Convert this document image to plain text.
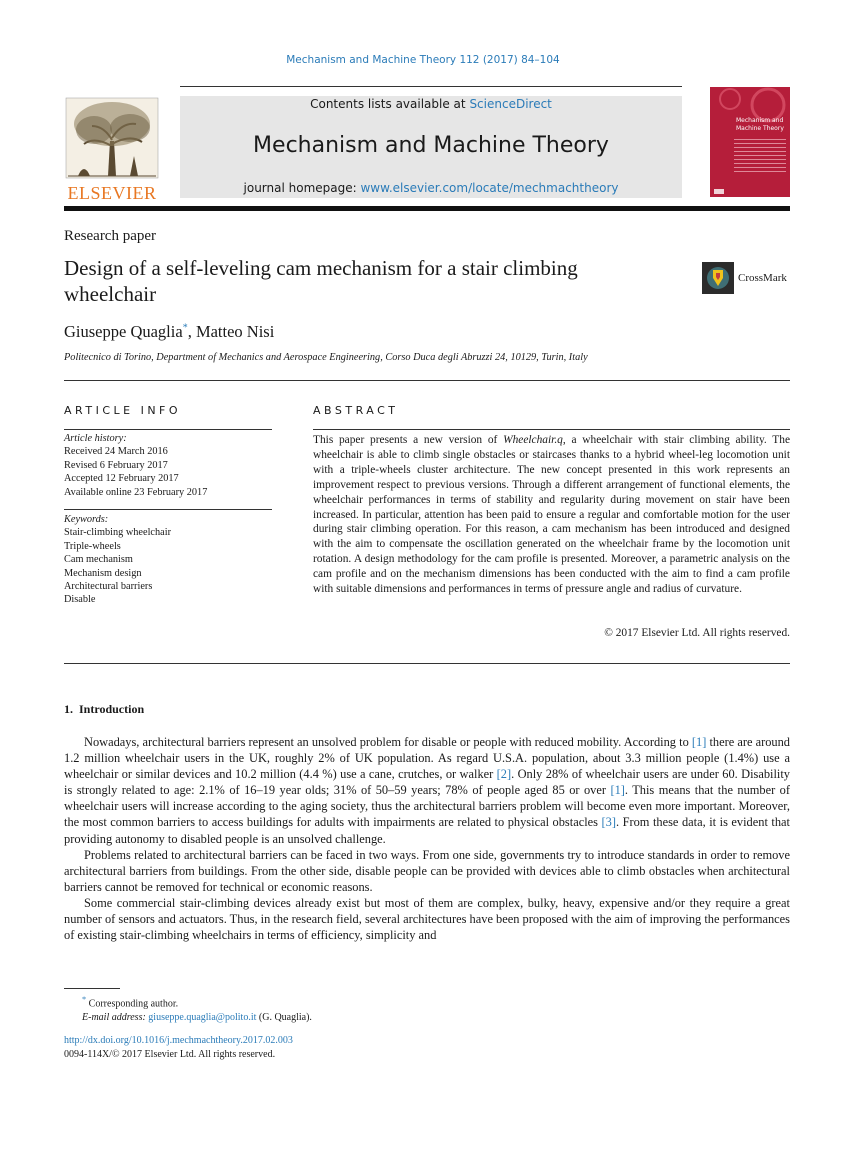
Mechanism and Machine Theory 112 (2017) 84–104
ELSEVIER
Contents lists available at ScienceDirect
Mechanism and Machine Theory
journal homepage: www.elsevier.com/locate/mechmachtheory
Mechanism and
Machine Theory
Research paper
Design of a self-leveling cam mechanism for a stair climbing
wheelchair
CrossMark
Giuseppe Quaglia*, Matteo Nisi
Politecnico di Torino, Department of Mechanics and Aerospace Engineering, Corso Duca degli Abruzzi 24, 10129, Turin, Italy
ARTICLE INFO	ABSTRACT
Article history:
Received 24 March 2016
Revised 6 February 2017
Accepted 12 February 2017
Available online 23 February 2017
Keywords:
Stair-climbing wheelchair
Triple-wheels
Cam mechanism
Mechanism design
Architectural barriers
Disable
This paper presents a new version of Wheelchair.q, a wheelchair with stair climbing ability. The wheelchair is able to climb single obstacles or staircases thanks to a hybrid wheel-leg locomotion unit with a triple-wheels cluster architecture. The new concept presented in this work represents an improvement respect to previous versions. Through a different arrangement of functional elements, the wheelchair performances in terms of stability and regularity during movement on stair have been increased. In particular, attention has been paid to ensure a regular and comfortable motion for the user during stair climbing operation. For this reason, a cam mechanism has been introduced and designed with the aim to compensate the oscillation generated on the wheelchair frame by the locomotion unit rotation. A design methodology for the cam profile is presented. Moreover, a parametric analysis on the cam profile and on the mechanism dimensions has been conducted with the aim to find a cam profile with suitable dimensions and performances in terms of pressure angle and radius of curvature.
© 2017 Elsevier Ltd. All rights reserved.
1.  Introduction

Nowadays, architectural barriers represent an unsolved problem for disable or people with reduced mobility. According to [1] there are around 1.2 million wheelchair users in the UK, roughly 2% of UK population. As regard U.S.A. population, about 3.3 million people (1.4%) use a wheelchair or similar devices and 10.2 million (4.4 %) use a cane, crutches, or walker [2]. Only 28% of wheelchair users are under 60. Disability is strongly related to age: 2.1% of 16–19 year olds; 31% of 50–59 years; 78% of people aged 85 or over [1]. This means that the number of wheelchair users will increase according to the aging society, thus the architectural barriers problem will become even more important. Moreover, the most common barriers to access buildings for adults with impairments are related to physical obstacles [3]. From these data, it is evident that providing autonomy to disabled people is an unsolved challenge.

Problems related to architectural barriers can be faced in two ways. From one side, governments try to introduce standards in order to remove architectural barriers from buildings. From the other side, disable people can be provided with devices able to climb obstacles when architectural barriers cannot be removed for technical or economic reasons.

Some commercial stair-climbing devices already exist but most of them are complex, bulky, heavy, expensive and/or they require a great number of sensors and actuators. Thus, in the research field, several architectures have been proposed with the aim of improving the performances of existing stair-climbing wheelchairs in terms of efficiency, simplicity and

* Corresponding author.
E-mail address: giuseppe.quaglia@polito.it (G. Quaglia).
http://dx.doi.org/10.1016/j.mechmachtheory.2017.02.003
0094-114X/© 2017 Elsevier Ltd. All rights reserved.
